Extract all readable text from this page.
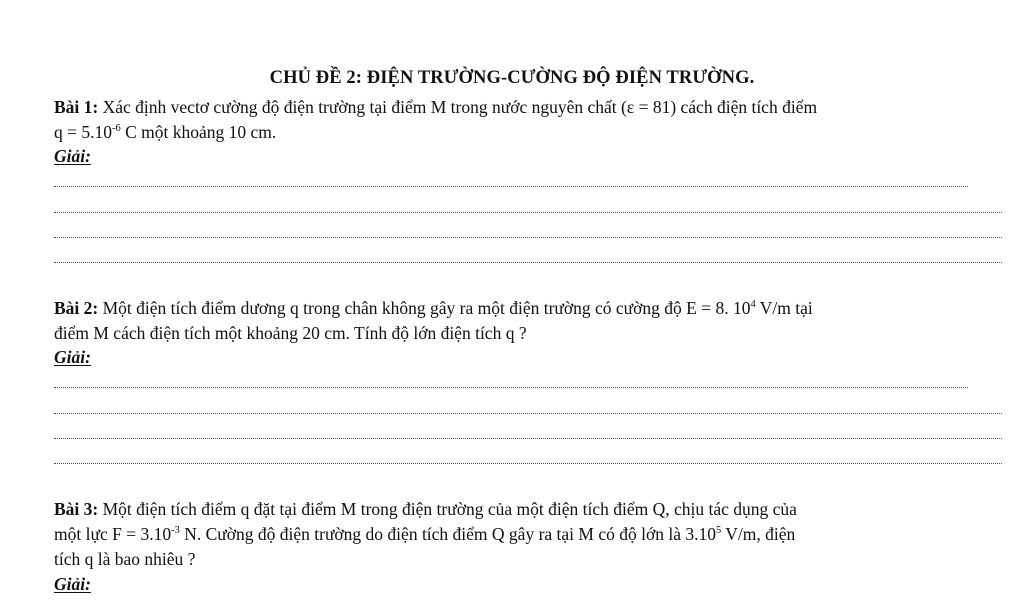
CHỦ ĐỀ 2: ĐIỆN TRƯỜNG-CƯỜNG ĐỘ ĐIỆN TRƯỜNG.
Bài 1: Xác định vectơ cường độ điện trường tại điểm M trong nước nguyên chất (ε = 81) cách điện tích điểm
$q = 5.10^{-6}$ C một khoảng 10 cm.
Giải:
Bài 2: Một điện tích điểm dương q trong chân không gây ra một điện trường có cường độ E = 8. $10^4$ V/m tại
điểm M cách điện tích một khoảng 20 cm. Tính độ lớn điện tích q ?
Giải:
Bài 3: Một điện tích điểm q đặt tại điểm M trong điện trường của một điện tích điểm Q, chịu tác dụng của
một lực $F = 3.10^{-3}$ N. Cường độ điện trường do điện tích điểm Q gây ra tại M có độ lớn là 3.10$^5$ V/m, điện
tích q là bao nhiêu ?
Giải:
